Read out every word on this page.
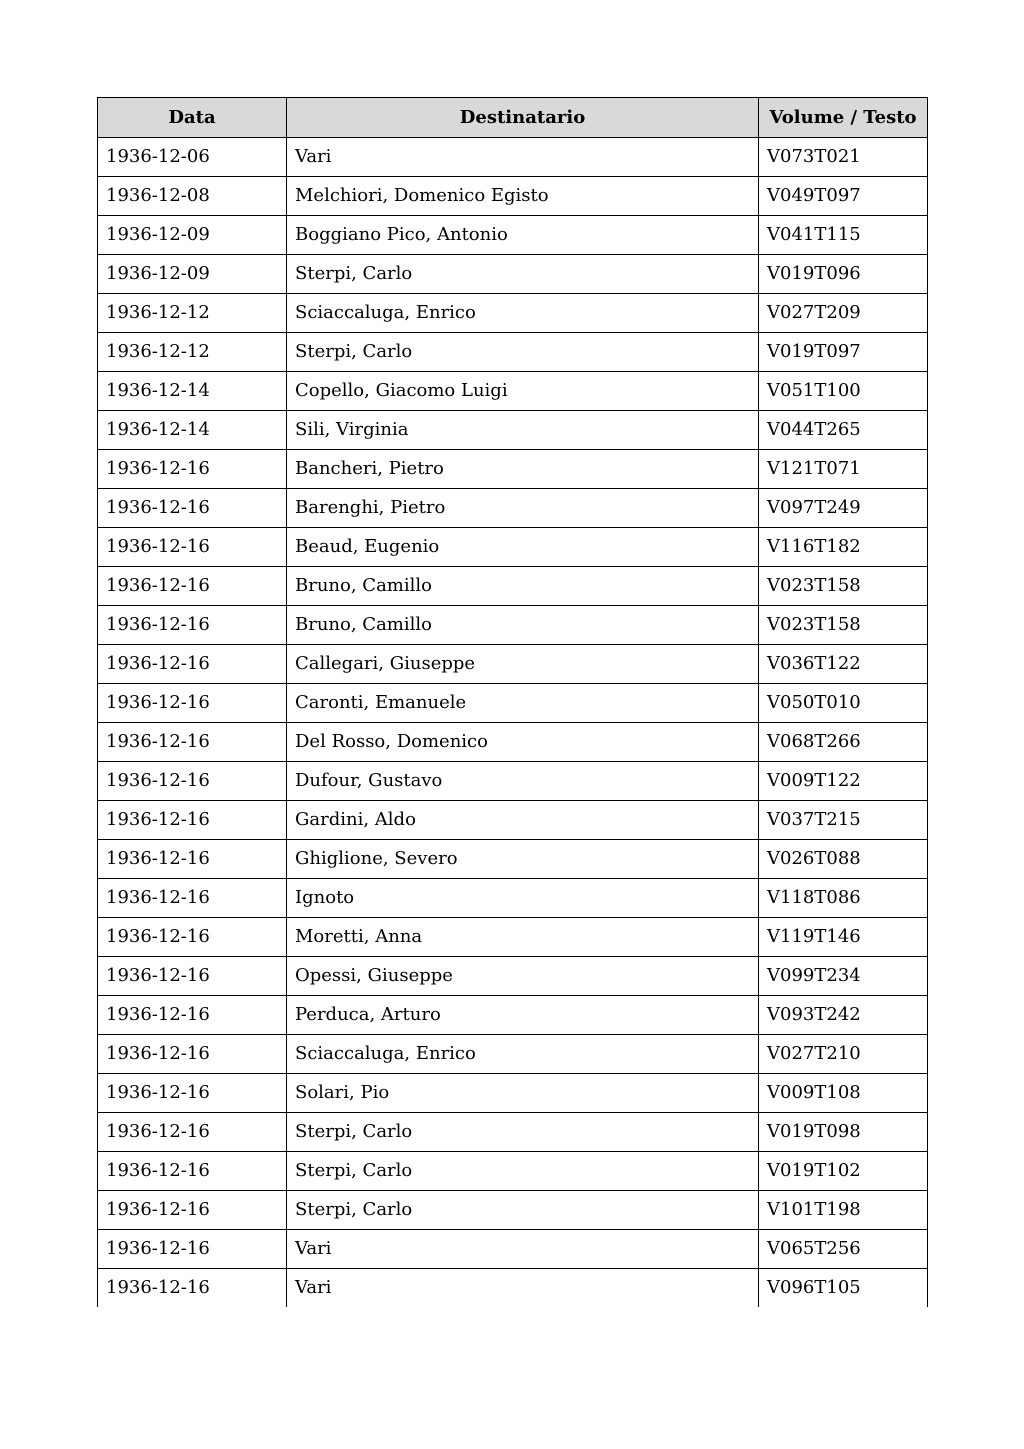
Data	Destinatario	Volume / Testo
1936-12-06	Vari	V073T021
1936-12-08	Melchiori, Domenico Egisto	V049T097
1936-12-09	Boggiano Pico, Antonio	V041T115
1936-12-09	Sterpi, Carlo	V019T096
1936-12-12	Sciaccaluga, Enrico	V027T209
1936-12-12	Sterpi, Carlo	V019T097
1936-12-14	Copello, Giacomo Luigi	V051T100
1936-12-14	Sili, Virginia	V044T265
1936-12-16	Bancheri, Pietro	V121T071
1936-12-16	Barenghi, Pietro	V097T249
1936-12-16	Beaud, Eugenio	V116T182
1936-12-16	Bruno, Camillo	V023T158
1936-12-16	Bruno, Camillo	V023T158
1936-12-16	Callegari, Giuseppe	V036T122
1936-12-16	Caronti, Emanuele	V050T010
1936-12-16	Del Rosso, Domenico	V068T266
1936-12-16	Dufour, Gustavo	V009T122
1936-12-16	Gardini, Aldo	V037T215
1936-12-16	Ghiglione, Severo	V026T088
1936-12-16	Ignoto	V118T086
1936-12-16	Moretti, Anna	V119T146
1936-12-16	Opessi, Giuseppe	V099T234
1936-12-16	Perduca, Arturo	V093T242
1936-12-16	Sciaccaluga, Enrico	V027T210
1936-12-16	Solari, Pio	V009T108
1936-12-16	Sterpi, Carlo	V019T098
1936-12-16	Sterpi, Carlo	V019T102
1936-12-16	Sterpi, Carlo	V101T198
1936-12-16	Vari	V065T256
1936-12-16	Vari	V096T105
